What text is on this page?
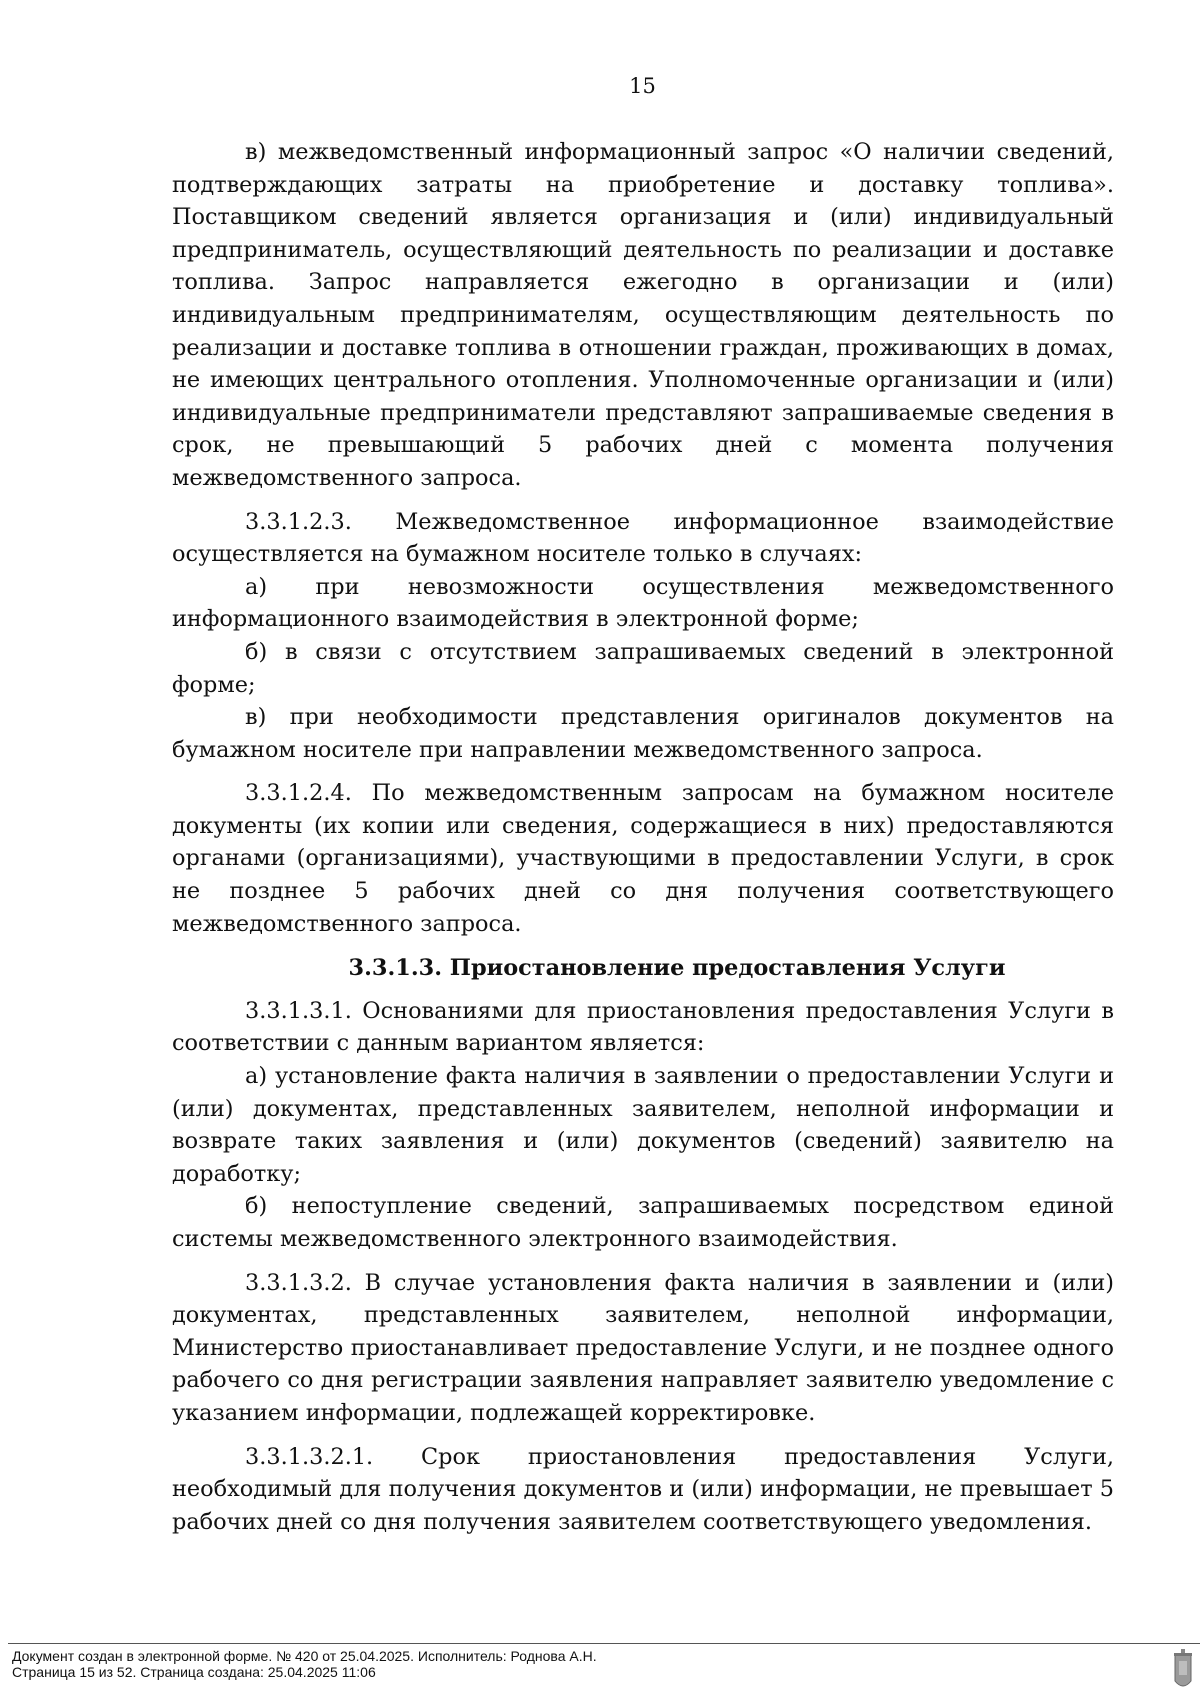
15

в) межведомственный информационный запрос «О наличии сведений, подтверждающих затраты на приобретение и доставку топлива». Поставщиком сведений является организация и (или) индивидуальный предприниматель, осуществляющий деятельность по реализации и доставке топлива. Запрос направляется ежегодно в организации и (или) индивидуальным предпринимателям, осуществляющим деятельность по реализации и доставке топлива в отношении граждан, проживающих в домах, не имеющих центрального отопления. Уполномоченные организации и (или) индивидуальные предприниматели представляют запрашиваемые сведения в срок, не превышающий 5 рабочих дней с момента получения межведомственного запроса.

3.3.1.2.3. Межведомственное информационное взаимодействие осуществляется на бумажном носителе только в случаях:

а) при невозможности осуществления межведомственного информационного взаимодействия в электронной форме;

б) в связи с отсутствием запрашиваемых сведений в электронной форме;

в) при необходимости представления оригиналов документов на бумажном носителе при направлении межведомственного запроса.

3.3.1.2.4. По межведомственным запросам на бумажном носителе документы (их копии или сведения, содержащиеся в них) предоставляются органами (организациями), участвующими в предоставлении Услуги, в срок не позднее 5 рабочих дней со дня получения соответствующего межведомственного запроса.

3.3.1.3. Приостановление предоставления Услуги

3.3.1.3.1. Основаниями для приостановления предоставления Услуги в соответствии с данным вариантом является:

а) установление факта наличия в заявлении о предоставлении Услуги и (или) документах, представленных заявителем, неполной информации и возврате таких заявления и (или) документов (сведений) заявителю на доработку;

б) непоступление сведений, запрашиваемых посредством единой системы межведомственного электронного взаимодействия.

3.3.1.3.2. В случае установления факта наличия в заявлении и (или) документах, представленных заявителем, неполной информации, Министерство приостанавливает предоставление Услуги, и не позднее одного рабочего со дня регистрации заявления направляет заявителю уведомление с указанием информации, подлежащей корректировке.

3.3.1.3.2.1. Срок приостановления предоставления Услуги, необходимый для получения документов и (или) информации, не превышает 5 рабочих дней со дня получения заявителем соответствующего уведомления.

Документ создан в электронной форме. № 420 от 25.04.2025. Исполнитель: Роднова А.Н.
Страница 15 из 52. Страница создана: 25.04.2025 11:06
